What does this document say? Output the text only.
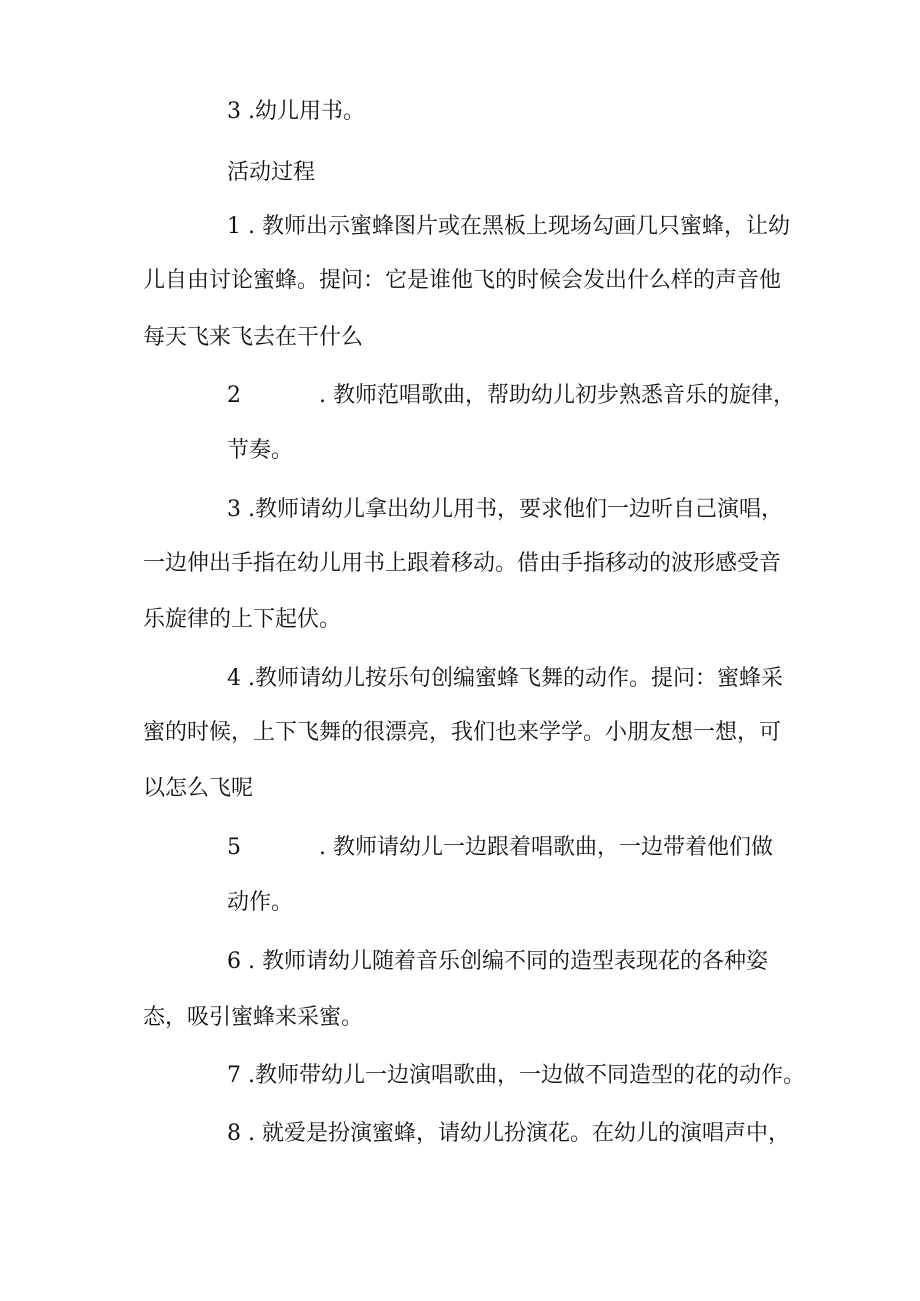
3 .幼儿用书。
活动过程
1 . 教师出示蜜蜂图片或在黑板上现场勾画几只蜜蜂，让幼
儿自由讨论蜜蜂。提问：它是谁他飞的时候会发出什么样的声音他
每天飞来飞去在干什么
2	. 教师范唱歌曲，帮助幼儿初步熟悉音乐的旋律，
节奏。
3 .教师请幼儿拿出幼儿用书，要求他们一边听自己演唱，
一边伸出手指在幼儿用书上跟着移动。借由手指移动的波形感受音
乐旋律的上下起伏。
4 .教师请幼儿按乐句创编蜜蜂飞舞的动作。提问：蜜蜂采
蜜的时候，上下飞舞的很漂亮，我们也来学学。小朋友想一想，可
以怎么飞呢
5	. 教师请幼儿一边跟着唱歌曲，一边带着他们做
动作。
6 . 教师请幼儿随着音乐创编不同的造型表现花的各种姿
态，吸引蜜蜂来采蜜。
7 .教师带幼儿一边演唱歌曲，一边做不同造型的花的动作。
8 . 就爱是扮演蜜蜂，请幼儿扮演花。在幼儿的演唱声中，
